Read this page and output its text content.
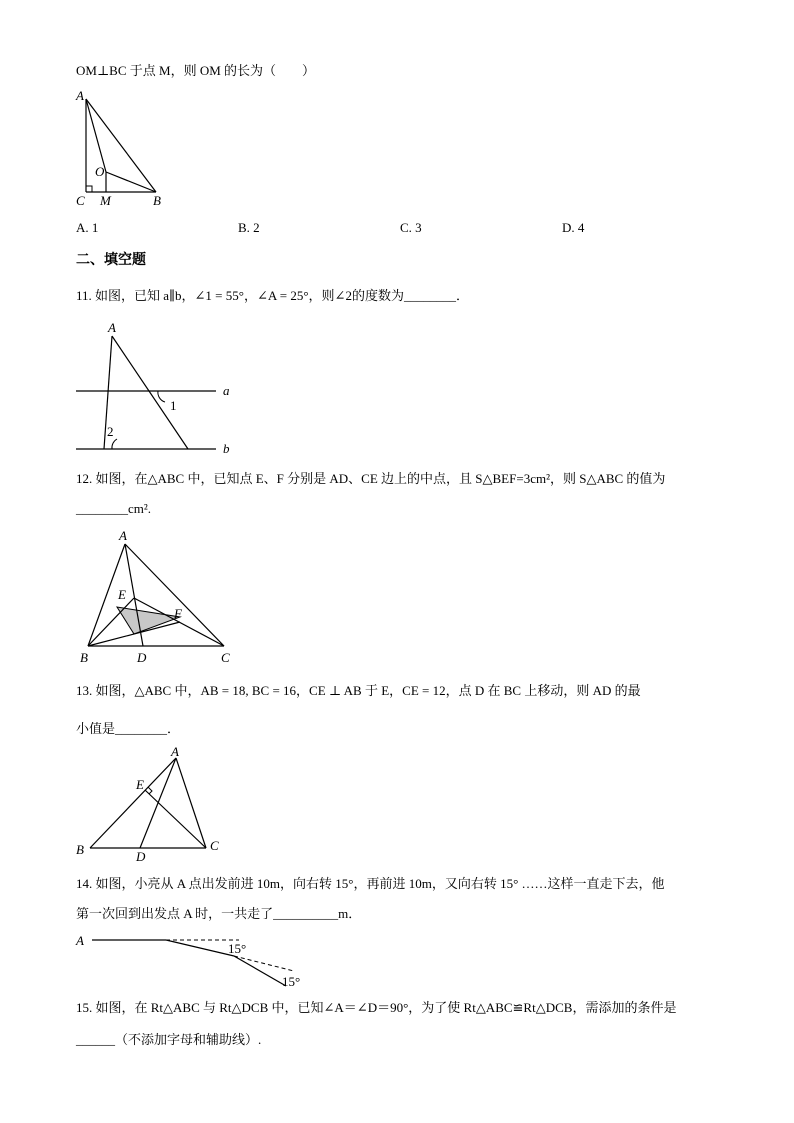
OM⊥BC 于点 M，则 OM 的长为（　　）
A
O
C M	B
A. 1	B. 2	C. 3	D. 4
二、填空题
11. 如图，已知 a∥b，∠1 = 55°，∠A = 25°，则∠2的度数为________．
A
a
b
1
2
12. 如图，在△ABC 中，已知点 E、F 分别是 AD、CE 边上的中点，且 S△BEF=3cm²，则 S△ABC 的值为
________cm².
A
E
F
B	D	C
13. 如图，△ABC 中，AB = 18, BC = 16，CE ⊥ AB 于 E，CE = 12，点 D 在 BC 上移动，则 AD 的最
小值是________．
A
E
B	D
C
14. 如图，小亮从 A 点出发前进 10m，向右转 15°，再前进 10m，又向右转 15° ……这样一直走下去，他
第一次回到出发点 A 时，一共走了__________m．
A
15°
15°
15. 如图，在 Rt△ABC 与 Rt△DCB 中，已知∠A＝∠D＝90°，为了使 Rt△ABC≌Rt△DCB，需添加的条件是
______（不添加字母和辅助线）.
